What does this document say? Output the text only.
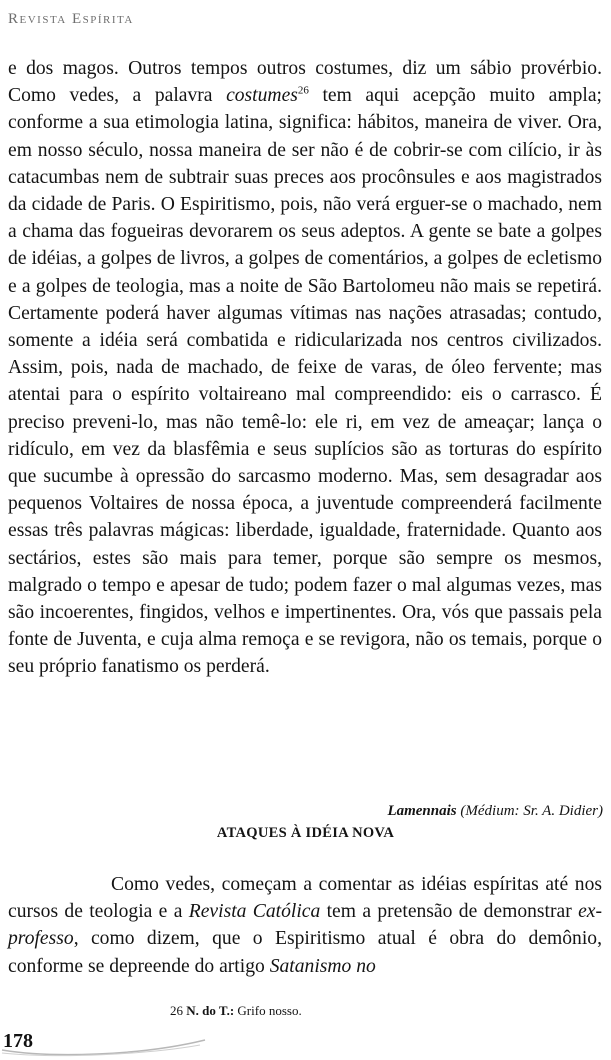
Revista Espírita

e dos magos. Outros tempos outros costumes, diz um sábio provérbio. Como vedes, a palavra costumes$^{26}$ tem aqui acepção muito ampla; conforme a sua etimologia latina, significa: hábitos, maneira de viver. Ora, em nosso século, nossa maneira de ser não é de cobrir-se com cilício, ir às catacumbas nem de subtrair suas preces aos procônsules e aos magistrados da cidade de Paris. O Espiritismo, pois, não verá erguer-se o machado, nem a chama das fogueiras devorarem os seus adeptos. A gente se bate a golpes de idéias, a golpes de livros, a golpes de comentários, a golpes de ecletismo e a golpes de teologia, mas a noite de São Bartolomeu não mais se repetirá. Certamente poderá haver algumas vítimas nas nações atrasadas; contudo, somente a idéia será combatida e ridicularizada nos centros civilizados. Assim, pois, nada de machado, de feixe de varas, de óleo fervente; mas atentai para o espírito voltaireano mal compreendido: eis o carrasco. É preciso preveni-lo, mas não temê-lo: ele ri, em vez de ameaçar; lança o ridículo, em vez da blasfêmia e seus suplícios são as torturas do espírito que sucumbe à opressão do sarcasmo moderno. Mas, sem desagradar aos pequenos Voltaires de nossa época, a juventude compreenderá facilmente essas três palavras mágicas: liberdade, igualdade, fraternidade. Quanto aos sectários, estes são mais para temer, porque são sempre os mesmos, malgrado o tempo e apesar de tudo; podem fazer o mal algumas vezes, mas são incoerentes, fingidos, velhos e impertinentes. Ora, vós que passais pela fonte de Juventa, e cuja alma remoça e se revigora, não os temais, porque o seu próprio fanatismo os perderá.

Lamennais (Médium: Sr. A. Didier)

ATAQUES À IDÉIA NOVA

Como vedes, começam a comentar as idéias espíritas até nos cursos de teologia e a Revista Católica tem a pretensão de demonstrar ex-professo, como dizem, que o Espiritismo atual é obra do demônio, conforme se depreende do artigo Satanismo no

26 N. do T.: Grifo nosso.

178
